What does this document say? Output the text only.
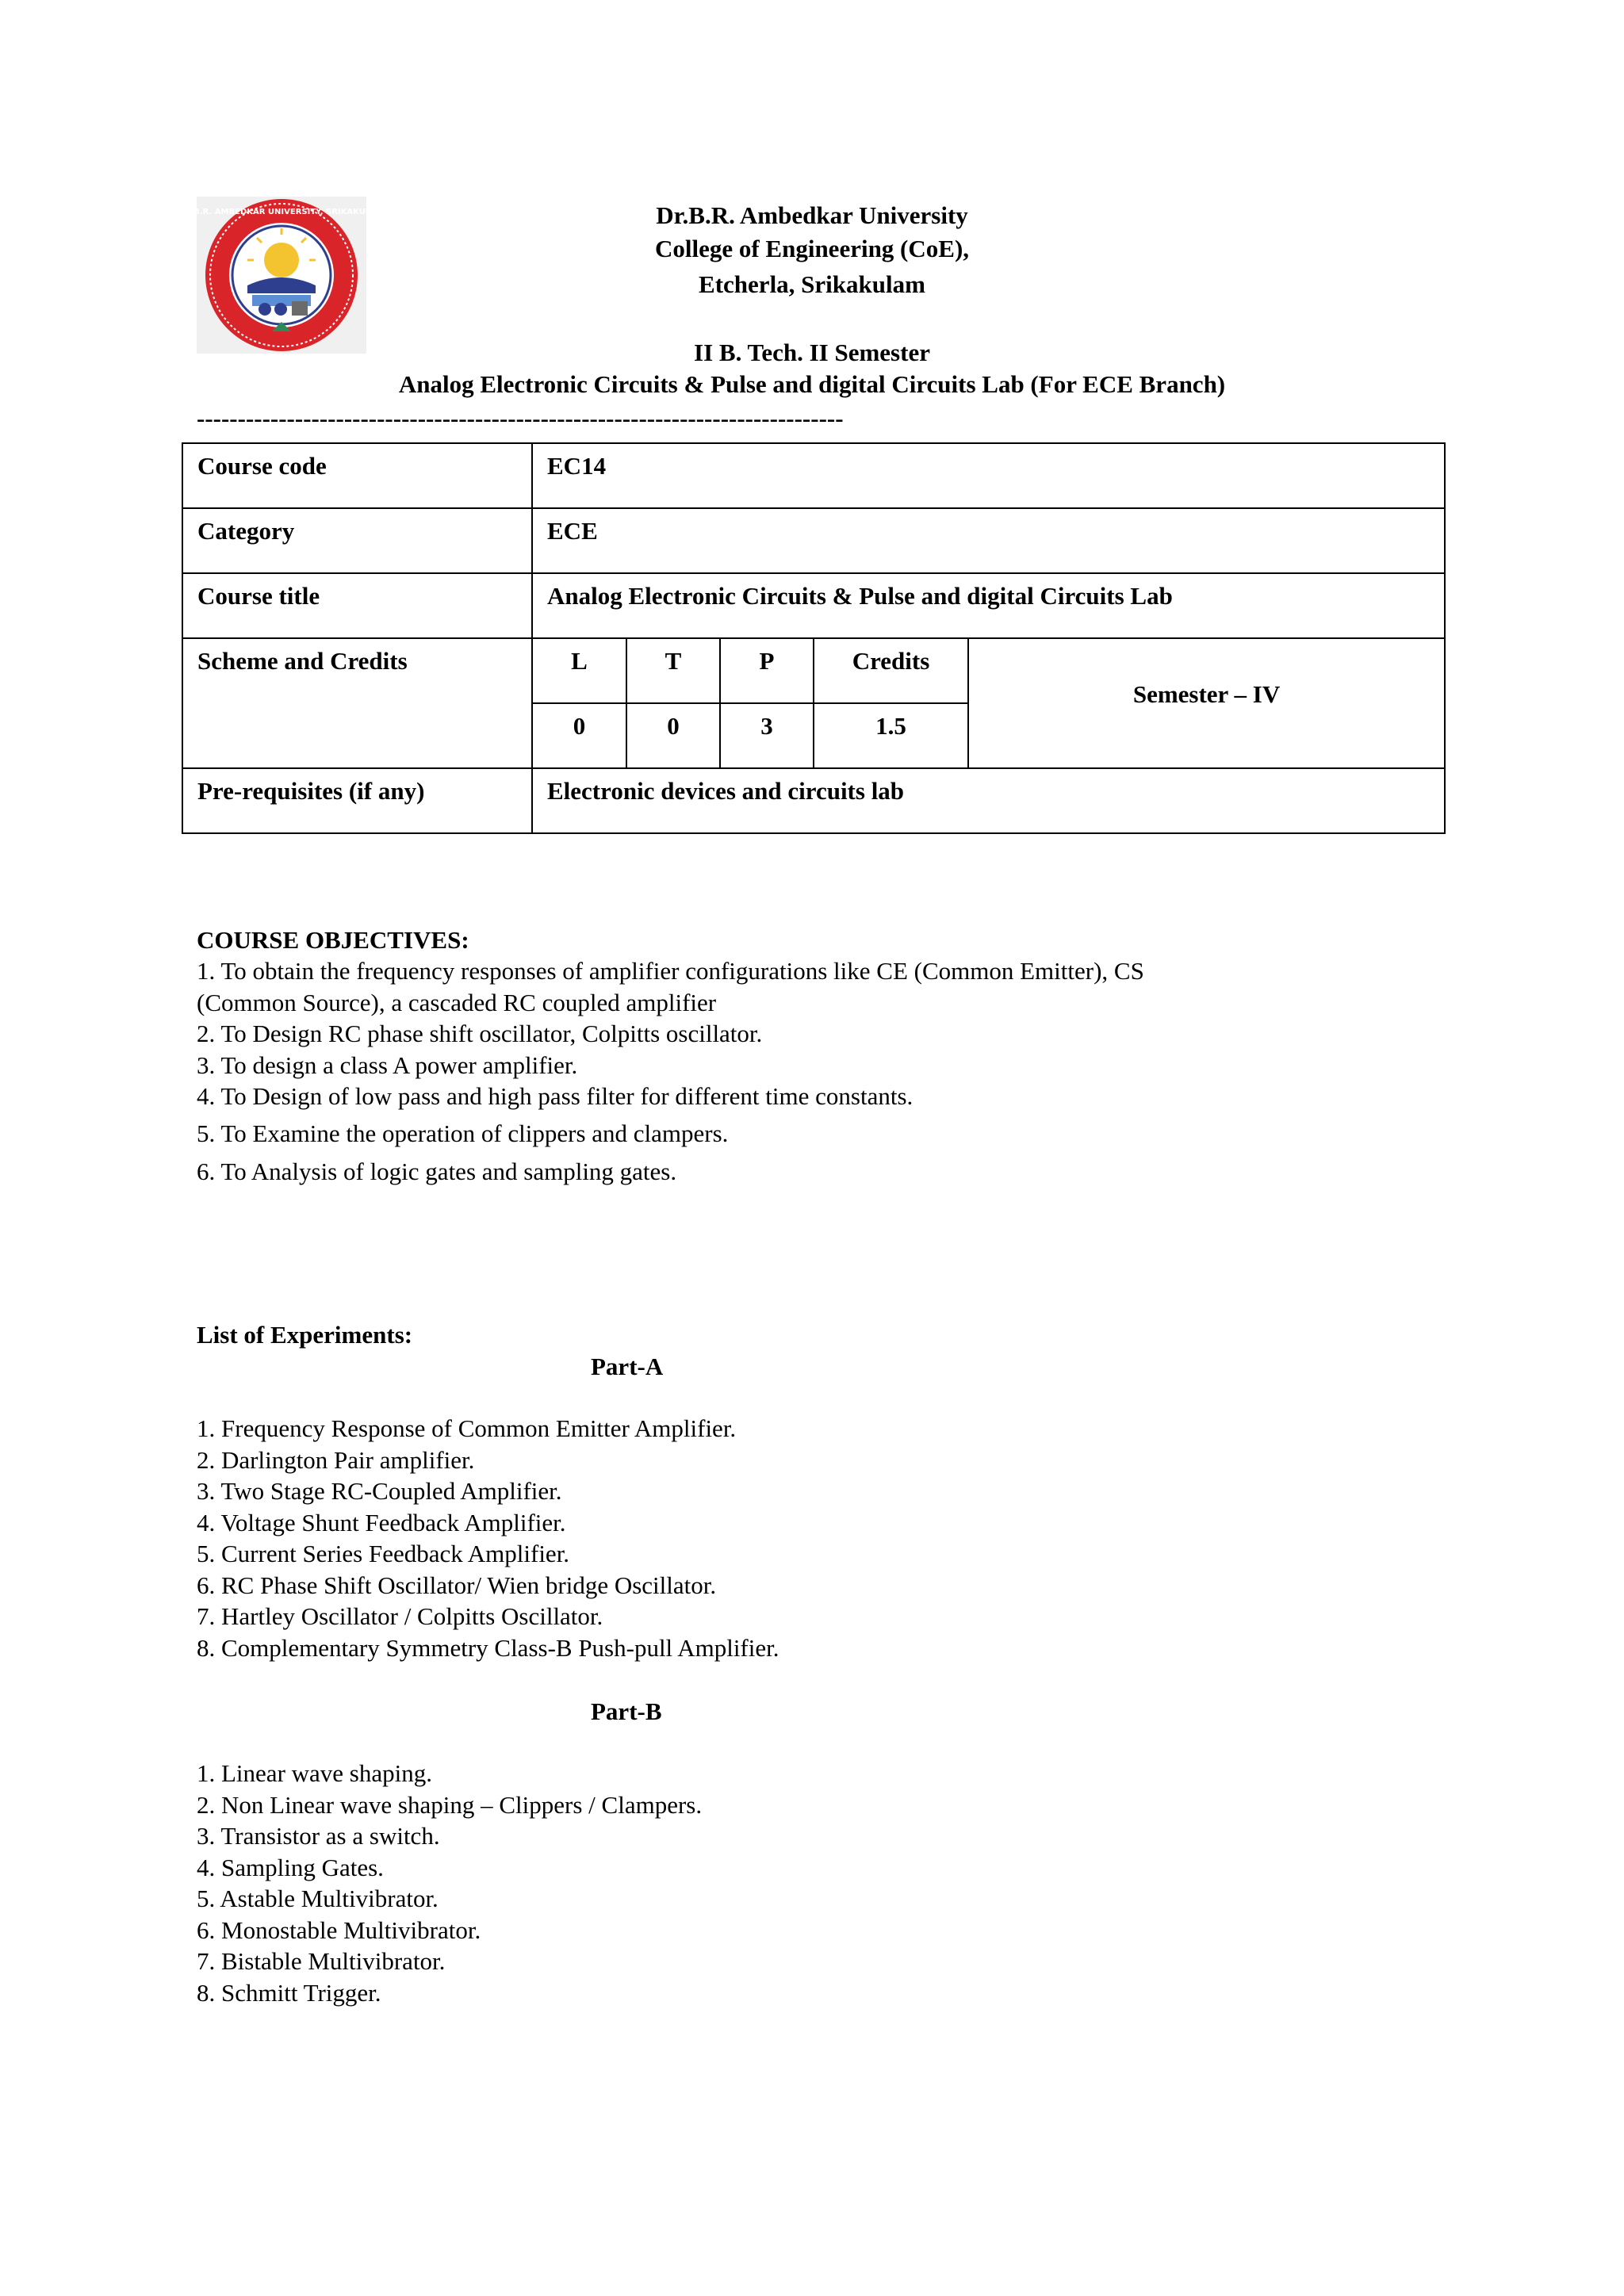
Dr. B.R. AMBEDKAR UNIVERSITY, SRIKAKULAM	Dr.B.R. Ambedkar University
College of Engineering (CoE),
Etcherla, Srikakulam
II B. Tech. II Semester
Analog Electronic Circuits & Pulse and digital Circuits Lab (For ECE Branch)
-------------------------------------------------------------------------------
Course code	EC14				
Category	ECE				
Course title	Analog Electronic Circuits & Pulse and digital Circuits Lab				
Scheme and Credits	L	T	P	Credits	Semester – IV
	0	0	3	1.5	
Pre-requisites (if any)	Electronic devices and circuits lab				
COURSE OBJECTIVES:
1. To obtain the frequency responses of amplifier configurations like CE (Common Emitter), CS
(Common Source), a cascaded RC coupled amplifier
2. To Design RC phase shift oscillator, Colpitts oscillator.
3. To design a class A power amplifier.
4. To Design of low pass and high pass filter for different time constants.
5. To Examine the operation of clippers and clampers.
6. To Analysis of logic gates and sampling gates.
List of Experiments:
Part-A
1. Frequency Response of Common Emitter Amplifier.
2. Darlington Pair amplifier.
3. Two Stage RC-Coupled Amplifier.
4. Voltage Shunt Feedback Amplifier.
5. Current Series Feedback Amplifier.
6. RC Phase Shift Oscillator/ Wien bridge Oscillator.
7. Hartley Oscillator / Colpitts Oscillator.
8. Complementary Symmetry Class-B Push-pull Amplifier.
Part-B
1. Linear wave shaping.
2. Non Linear wave shaping – Clippers / Clampers.
3. Transistor as a switch.
4. Sampling Gates.
5. Astable Multivibrator.
6. Monostable Multivibrator.
7. Bistable Multivibrator.
8. Schmitt Trigger.
